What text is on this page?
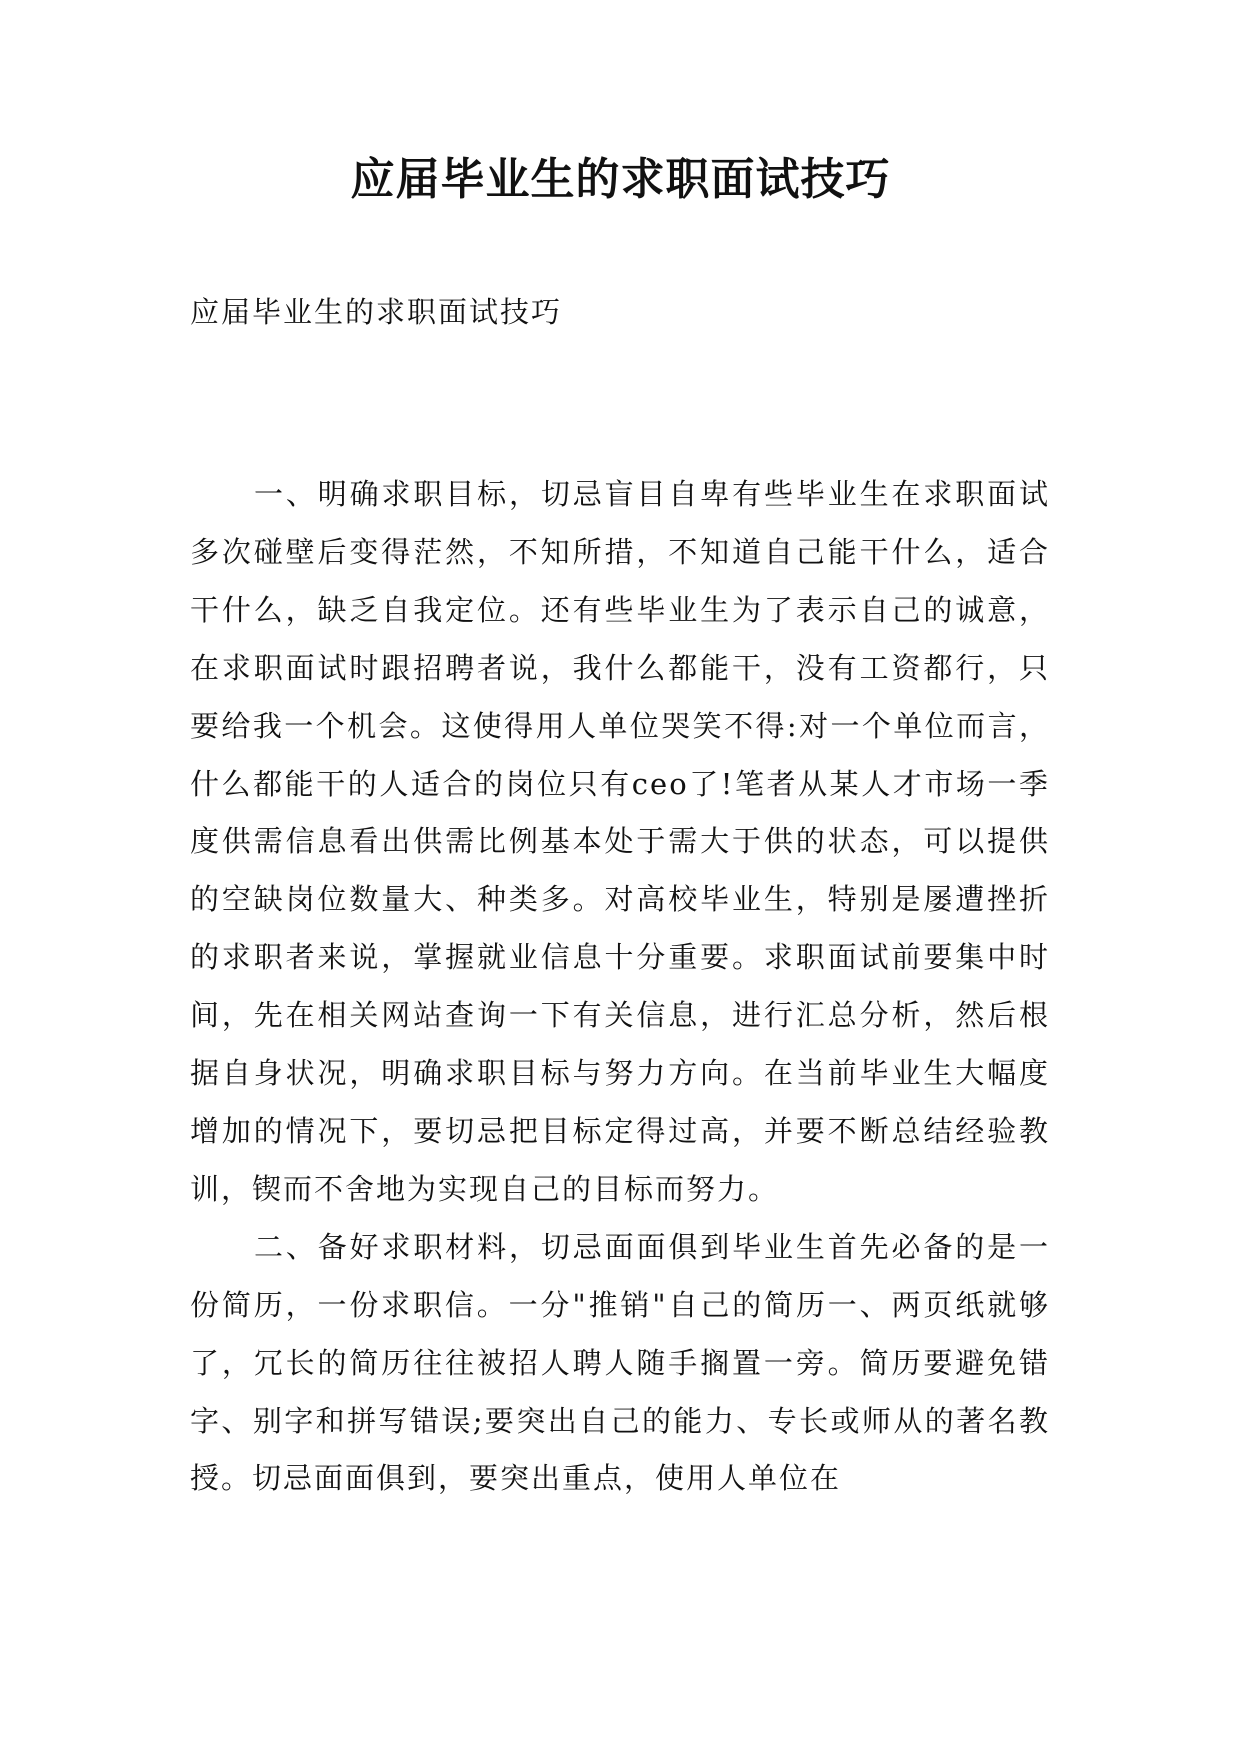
应届毕业生的求职面试技巧

应届毕业生的求职面试技巧

一、明确求职目标，切忌盲目自卑有些毕业生在求职面试多次碰壁后变得茫然，不知所措，不知道自己能干什么，适合干什么，缺乏自我定位。还有些毕业生为了表示自己的诚意，在求职面试时跟招聘者说，我什么都能干，没有工资都行，只要给我一个机会。这使得用人单位哭笑不得:对一个单位而言，什么都能干的人适合的岗位只有ceo了!笔者从某人才市场一季度供需信息看出供需比例基本处于需大于供的状态，可以提供的空缺岗位数量大、种类多。对高校毕业生，特别是屡遭挫折的求职者来说，掌握就业信息十分重要。求职面试前要集中时间，先在相关网站查询一下有关信息，进行汇总分析，然后根据自身状况，明确求职目标与努力方向。在当前毕业生大幅度增加的情况下，要切忌把目标定得过高，并要不断总结经验教训，锲而不舍地为实现自己的目标而努力。

二、备好求职材料，切忌面面俱到毕业生首先必备的是一份简历，一份求职信。一分"推销"自己的简历一、两页纸就够了，冗长的简历往往被招人聘人随手搁置一旁。简历要避免错字、别字和拼写错误;要突出自己的能力、专长或师从的著名教授。切忌面面俱到，要突出重点，使用人单位在
